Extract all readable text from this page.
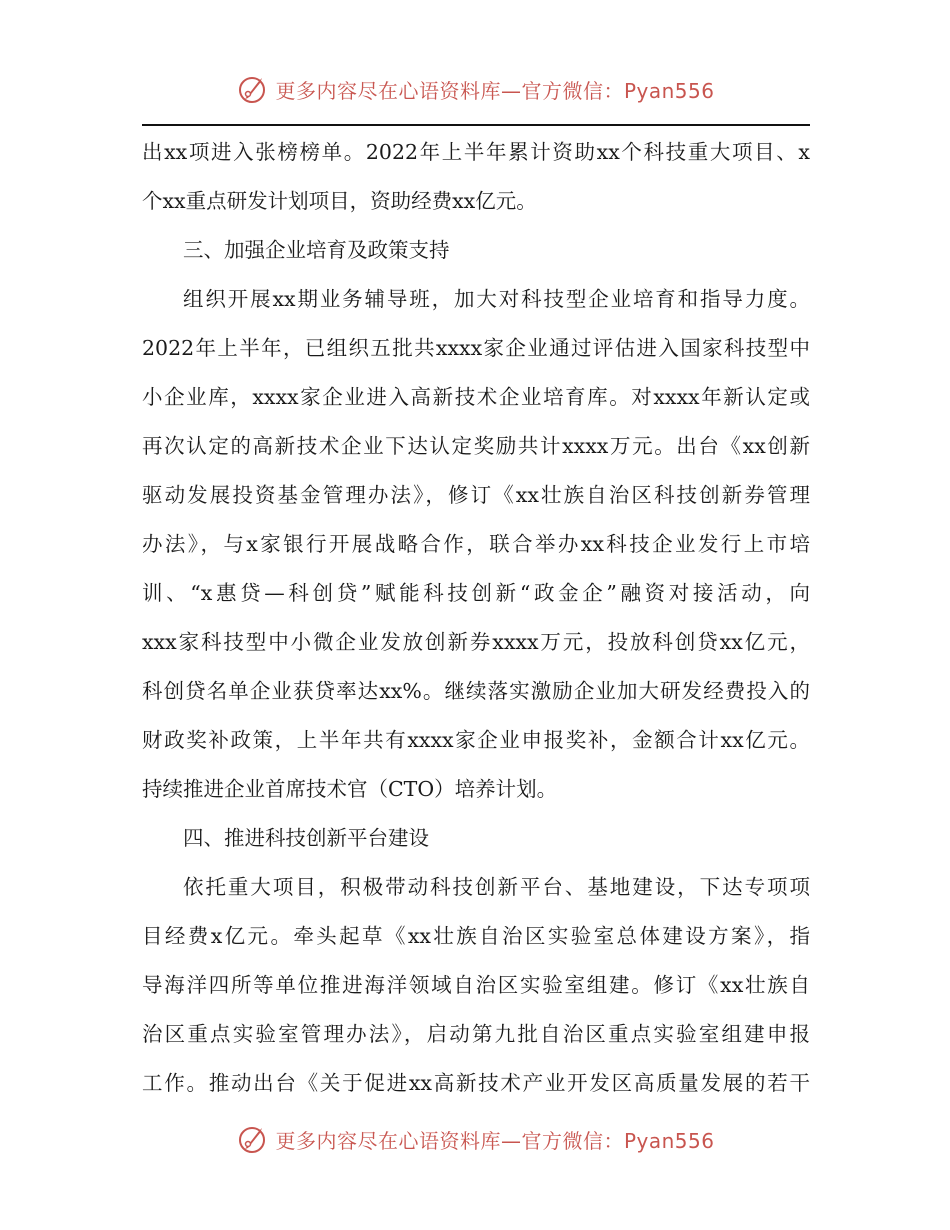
更多内容尽在心语资料库—官方微信：Pyan556
出xx项进入张榜榜单。2022年上半年累计资助xx个科技重大项目、x
个xx重点研发计划项目，资助经费xx亿元。
三、加强企业培育及政策支持
组织开展xx期业务辅导班，加大对科技型企业培育和指导力度。
2022年上半年，已组织五批共xxxx家企业通过评估进入国家科技型中
小企业库，xxxx家企业进入高新技术企业培育库。对xxxx年新认定或
再次认定的高新技术企业下达认定奖励共计xxxx万元。出台《xx创新
驱动发展投资基金管理办法》，修订《xx壮族自治区科技创新券管理
办法》，与x家银行开展战略合作，联合举办xx科技企业发行上市培
训、“x惠贷—科创贷”赋能科技创新“政金企”融资对接活动，向
xxx家科技型中小微企业发放创新券xxxx万元，投放科创贷xx亿元，
科创贷名单企业获贷率达xx%。继续落实激励企业加大研发经费投入的
财政奖补政策，上半年共有xxxx家企业申报奖补，金额合计xx亿元。
持续推进企业首席技术官（CTO）培养计划。
四、推进科技创新平台建设
依托重大项目，积极带动科技创新平台、基地建设，下达专项项
目经费x亿元。牵头起草《xx壮族自治区实验室总体建设方案》，指
导海洋四所等单位推进海洋领域自治区实验室组建。修订《xx壮族自
治区重点实验室管理办法》，启动第九批自治区重点实验室组建申报
工作。推动出台《关于促进xx高新技术产业开发区高质量发展的若干
更多内容尽在心语资料库—官方微信：Pyan556
